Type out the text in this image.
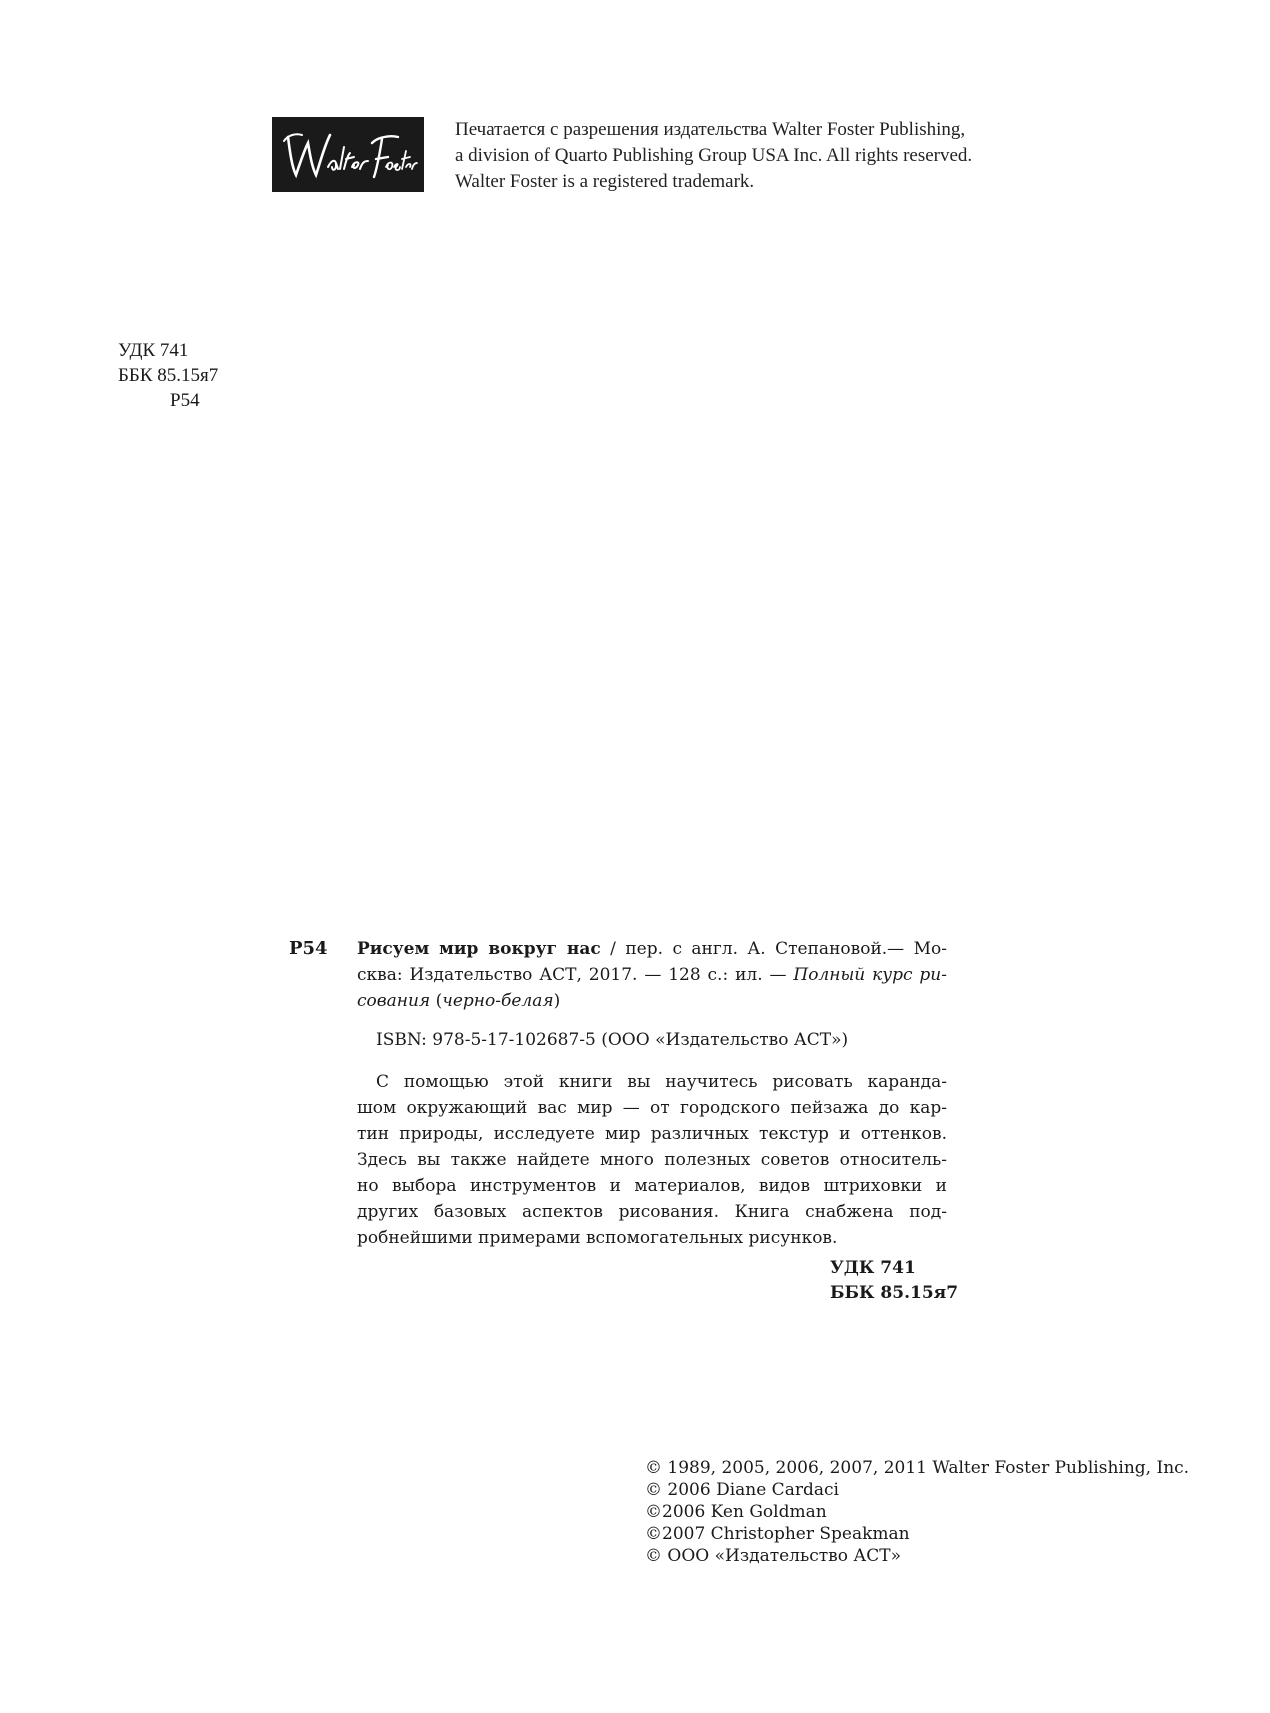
Печатается с разрешения издательства Walter Foster Publishing,
a division of Quarto Publishing Group USA Inc. All rights reserved.
Walter Foster is a registered trademark.
УДК 741
ББК 85.15я7
Р54
Р54 Рисуем мир вокруг нас / пер. с англ. А. Степановой.— Мо-
сква: Издательство АСТ, 2017. — 128 с.: ил. — Полный курс ри-
сования (черно-белая)
ISBN: 978-5-17-102687-5 (ООО «Издательство АСТ»)
С помощью этой книги вы научитесь рисовать каранда-
шом окружающий вас мир — от городского пейзажа до кар-
тин природы, исследуете мир различных текстур и оттенков.
Здесь вы также найдете много полезных советов относитель-
но выбора инструментов и материалов, видов штриховки и
других базовых аспектов рисования. Книга снабжена под-
робнейшими примерами вспомогательных рисунков.
УДК 741
ББК 85.15я7
© 1989, 2005, 2006, 2007, 2011 Walter Foster Publishing, Inc.
© 2006 Diane Cardaci
©2006 Ken Goldman
©2007 Christopher Speakman
© ООО «Издательство АСТ»
